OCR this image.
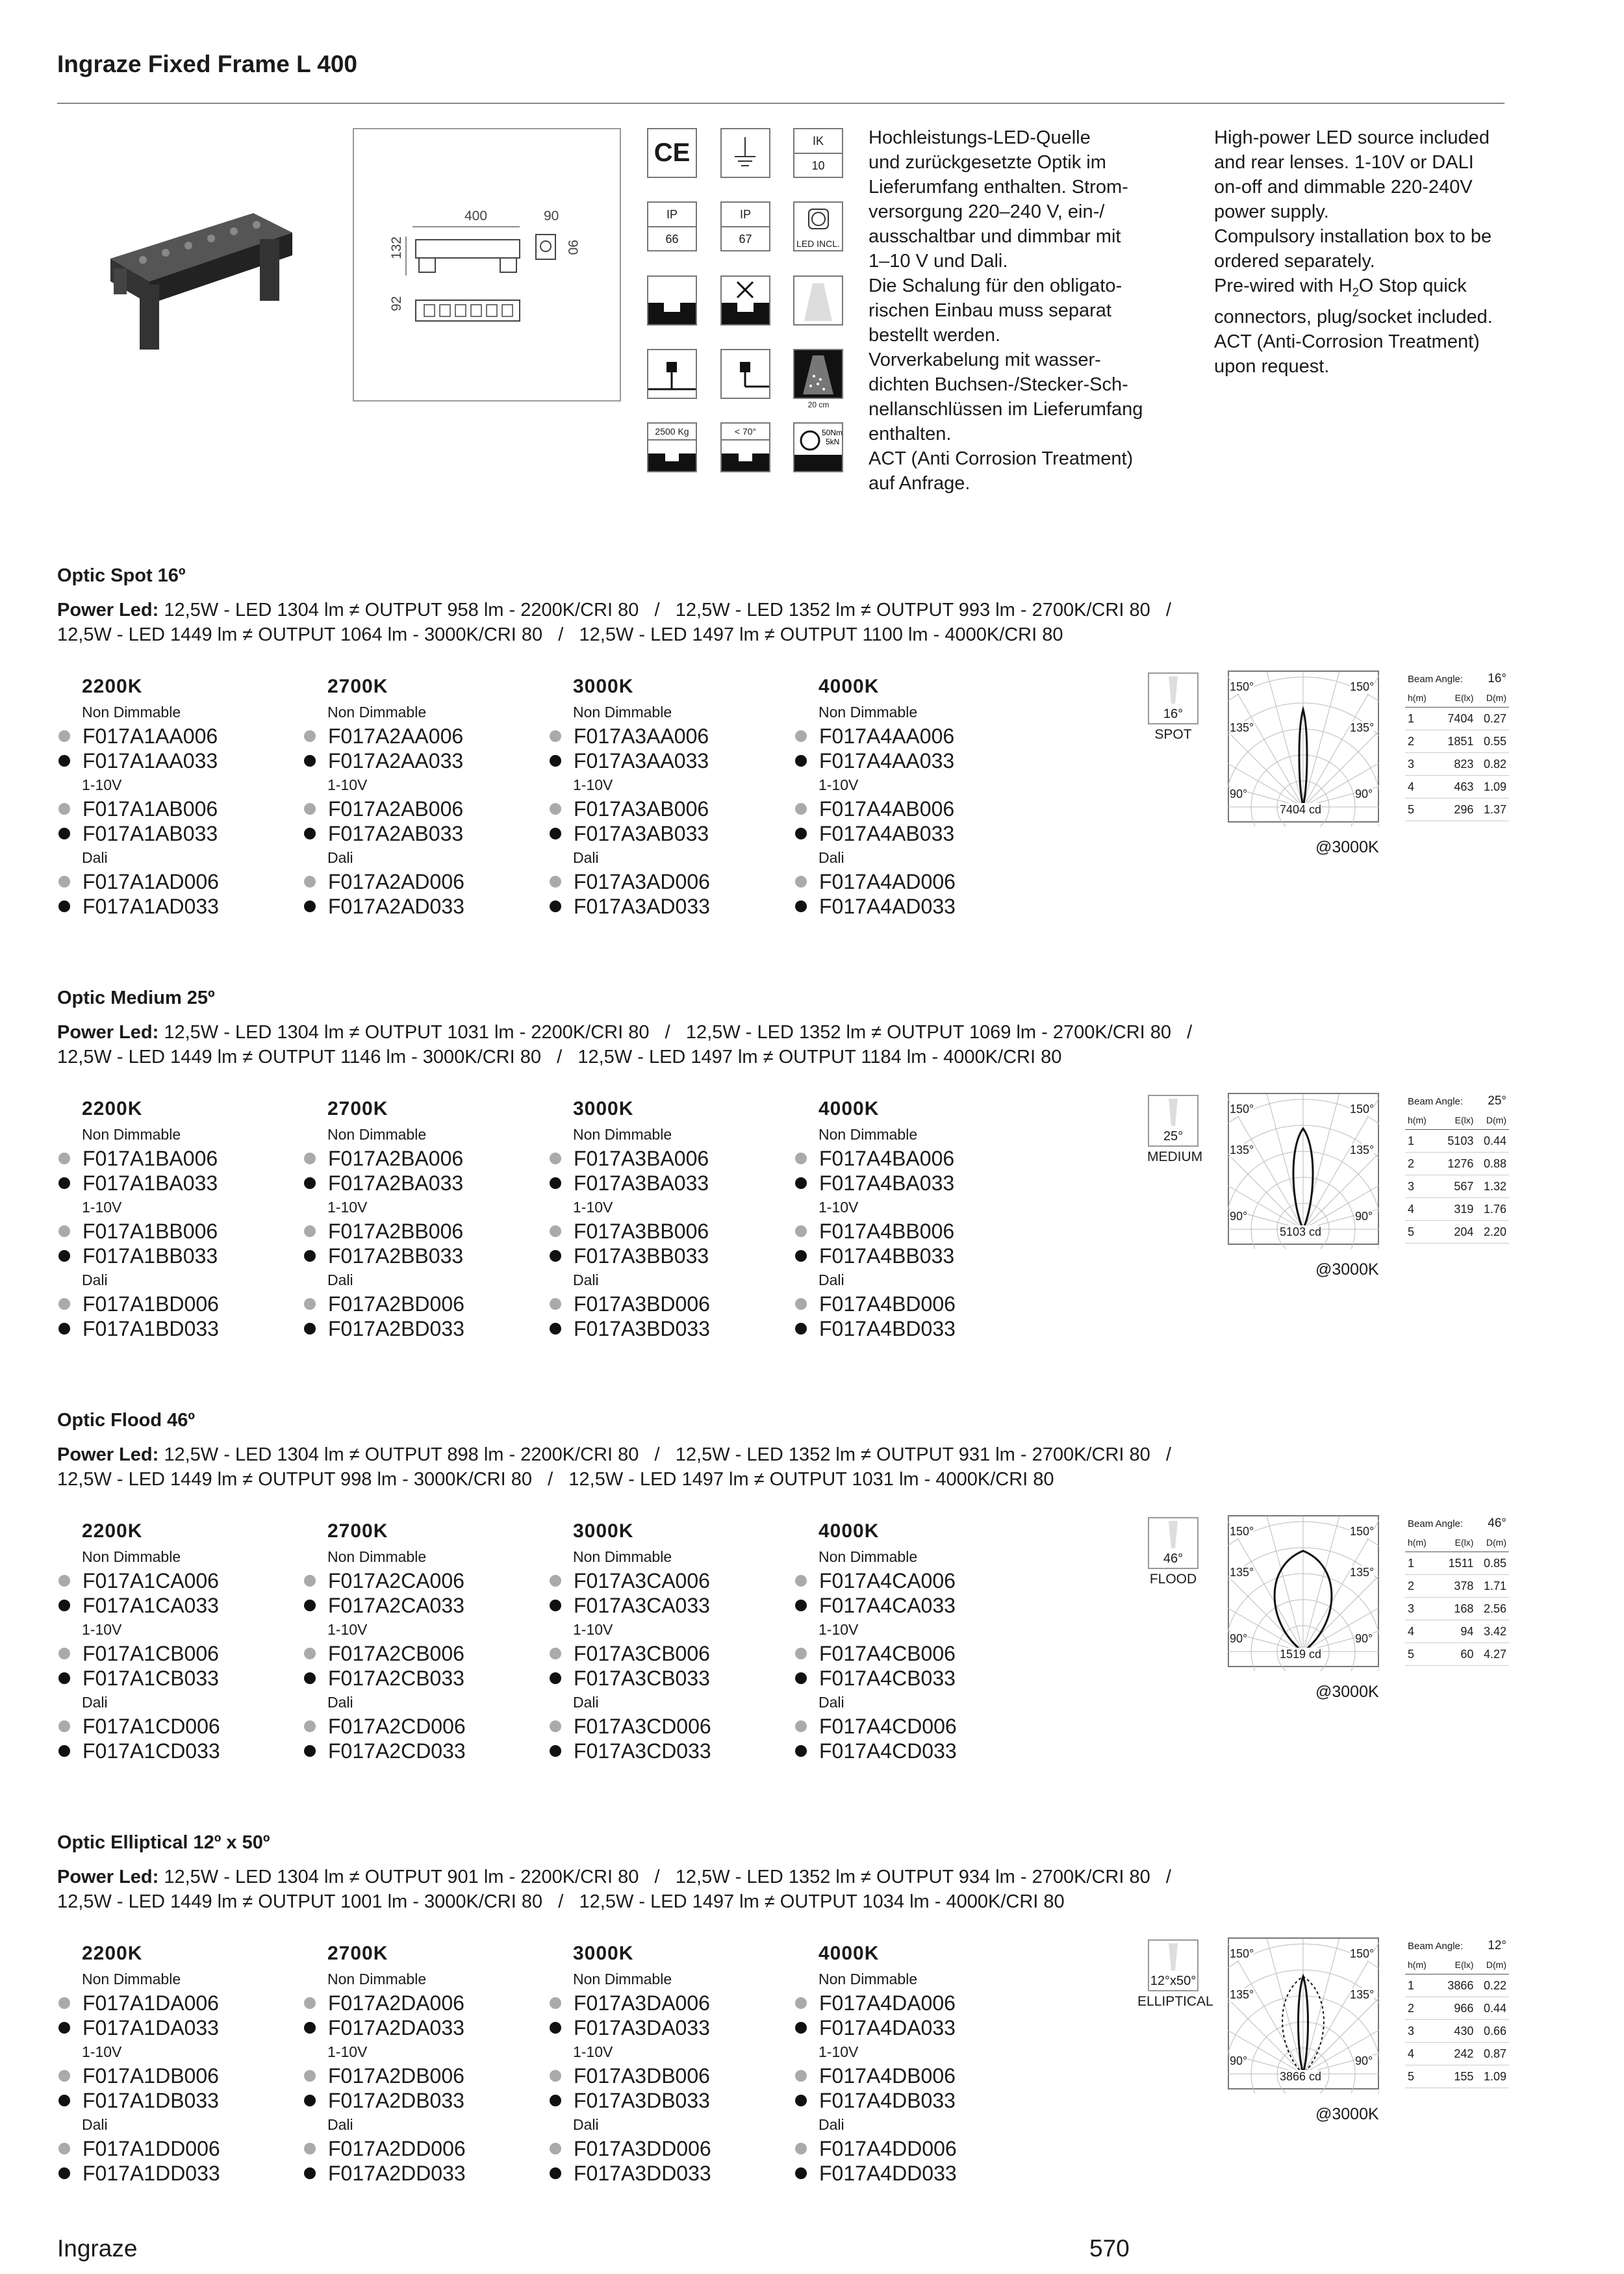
Ingraze Fixed Frame L 400
400	90
132	90
92
CE	IK
10
IP
66
IP
67	LED INCL.
20 cm
2500 Kg	< 70°	50Nm
5kN
Hochleistungs-LED-Quelle
und zurückgesetzte Optik im
Lieferumfang enthalten. Strom-
versorgung 220–240 V, ein-/
ausschaltbar und dimmbar mit
1–10 V und Dali.
Die Schalung für den obligato-
rischen Einbau muss separat
bestellt werden.
Vorverkabelung mit wasser-
dichten Buchsen-/Stecker-Sch-
nellanschlüssen im Lieferumfang
enthalten.
ACT (Anti Corrosion Treatment)
auf Anfrage.
High-power LED source included
and rear lenses. 1-10V or DALI
on-off and dimmable 220-240V
power supply.
Compulsory installation box to be
ordered separately.
Pre-wired with $H_2O$ Stop quick
connectors, plug/socket included.
ACT (Anti-Corrosion Treatment)
upon request.
Optic Spot 16º
Power Led: 12,5W - LED 1304 lm ≠ OUTPUT 958 lm - 2200K/CRI 80   /   12,5W - LED 1352 lm ≠ OUTPUT 993 lm - 2700K/CRI 80   /
12,5W - LED 1449 lm ≠ OUTPUT 1064 lm - 3000K/CRI 80   /   12,5W - LED 1497 lm ≠ OUTPUT 1100 lm - 4000K/CRI 80
2200K
Non Dimmable
F017A1AA006
F017A1AA033
1-10V
F017A1AB006
F017A1AB033
Dali
F017A1AD006
F017A1AD033
2700K
Non Dimmable
F017A2AA006
F017A2AA033
1-10V
F017A2AB006
F017A2AB033
Dali
F017A2AD006
F017A2AD033
3000K
Non Dimmable
F017A3AA006
F017A3AA033
1-10V
F017A3AB006
F017A3AB033
Dali
F017A3AD006
F017A3AD033
4000K
Non Dimmable
F017A4AA006
F017A4AA033
1-10V
F017A4AB006
F017A4AB033
Dali
F017A4AD006
F017A4AD033
16°
SPOT
150°	150°
135°	135°
90°	90°
7404 cd
@3000K
Beam Angle:		16°
h(m)	E(lx)	D(m)
1	7404	0.27
2	1851	0.55
3	823	0.82
4	463	1.09
5	296	1.37
Optic Medium 25º
Power Led: 12,5W - LED 1304 lm ≠ OUTPUT 1031 lm - 2200K/CRI 80   /   12,5W - LED 1352 lm ≠ OUTPUT 1069 lm - 2700K/CRI 80   /
12,5W - LED 1449 lm ≠ OUTPUT 1146 lm - 3000K/CRI 80   /   12,5W - LED 1497 lm ≠ OUTPUT 1184 lm - 4000K/CRI 80
2200K
Non Dimmable
F017A1BA006
F017A1BA033
1-10V
F017A1BB006
F017A1BB033
Dali
F017A1BD006
F017A1BD033
2700K
Non Dimmable
F017A2BA006
F017A2BA033
1-10V
F017A2BB006
F017A2BB033
Dali
F017A2BD006
F017A2BD033
3000K
Non Dimmable
F017A3BA006
F017A3BA033
1-10V
F017A3BB006
F017A3BB033
Dali
F017A3BD006
F017A3BD033
4000K
Non Dimmable
F017A4BA006
F017A4BA033
1-10V
F017A4BB006
F017A4BB033
Dali
F017A4BD006
F017A4BD033
25°
MEDIUM
150°	150°
135°	135°
90°	90°
5103 cd
@3000K
Beam Angle:		25°
h(m)	E(lx)	D(m)
1	5103	0.44
2	1276	0.88
3	567	1.32
4	319	1.76
5	204	2.20
Optic Flood 46º
Power Led: 12,5W - LED 1304 lm ≠ OUTPUT 898 lm - 2200K/CRI 80   /   12,5W - LED 1352 lm ≠ OUTPUT 931 lm - 2700K/CRI 80   /
12,5W - LED 1449 lm ≠ OUTPUT 998 lm - 3000K/CRI 80   /   12,5W - LED 1497 lm ≠ OUTPUT 1031 lm - 4000K/CRI 80
2200K
Non Dimmable
F017A1CA006
F017A1CA033
1-10V
F017A1CB006
F017A1CB033
Dali
F017A1CD006
F017A1CD033
2700K
Non Dimmable
F017A2CA006
F017A2CA033
1-10V
F017A2CB006
F017A2CB033
Dali
F017A2CD006
F017A2CD033
3000K
Non Dimmable
F017A3CA006
F017A3CA033
1-10V
F017A3CB006
F017A3CB033
Dali
F017A3CD006
F017A3CD033
4000K
Non Dimmable
F017A4CA006
F017A4CA033
1-10V
F017A4CB006
F017A4CB033
Dali
F017A4CD006
F017A4CD033
46°
FLOOD
150°	150°
135°	135°
90°	90°
1519 cd
@3000K
Beam Angle:		46°
h(m)	E(lx)	D(m)
1	1511	0.85
2	378	1.71
3	168	2.56
4	94	3.42
5	60	4.27
Optic Elliptical 12º x 50º
Power Led: 12,5W - LED 1304 lm ≠ OUTPUT 901 lm - 2200K/CRI 80   /   12,5W - LED 1352 lm ≠ OUTPUT 934 lm - 2700K/CRI 80   /
12,5W - LED 1449 lm ≠ OUTPUT 1001 lm - 3000K/CRI 80   /   12,5W - LED 1497 lm ≠ OUTPUT 1034 lm - 4000K/CRI 80
2200K
Non Dimmable
F017A1DA006
F017A1DA033
1-10V
F017A1DB006
F017A1DB033
Dali
F017A1DD006
F017A1DD033
2700K
Non Dimmable
F017A2DA006
F017A2DA033
1-10V
F017A2DB006
F017A2DB033
Dali
F017A2DD006
F017A2DD033
3000K
Non Dimmable
F017A3DA006
F017A3DA033
1-10V
F017A3DB006
F017A3DB033
Dali
F017A3DD006
F017A3DD033
4000K
Non Dimmable
F017A4DA006
F017A4DA033
1-10V
F017A4DB006
F017A4DB033
Dali
F017A4DD006
F017A4DD033
12°x50°
ELLIPTICAL
150°	150°
135°	135°
90°	90°
3866 cd
@3000K
Beam Angle:		12°
h(m)	E(lx)	D(m)
1	3866	0.22
2	966	0.44
3	430	0.66
4	242	0.87
5	155	1.09
Ingraze	570
